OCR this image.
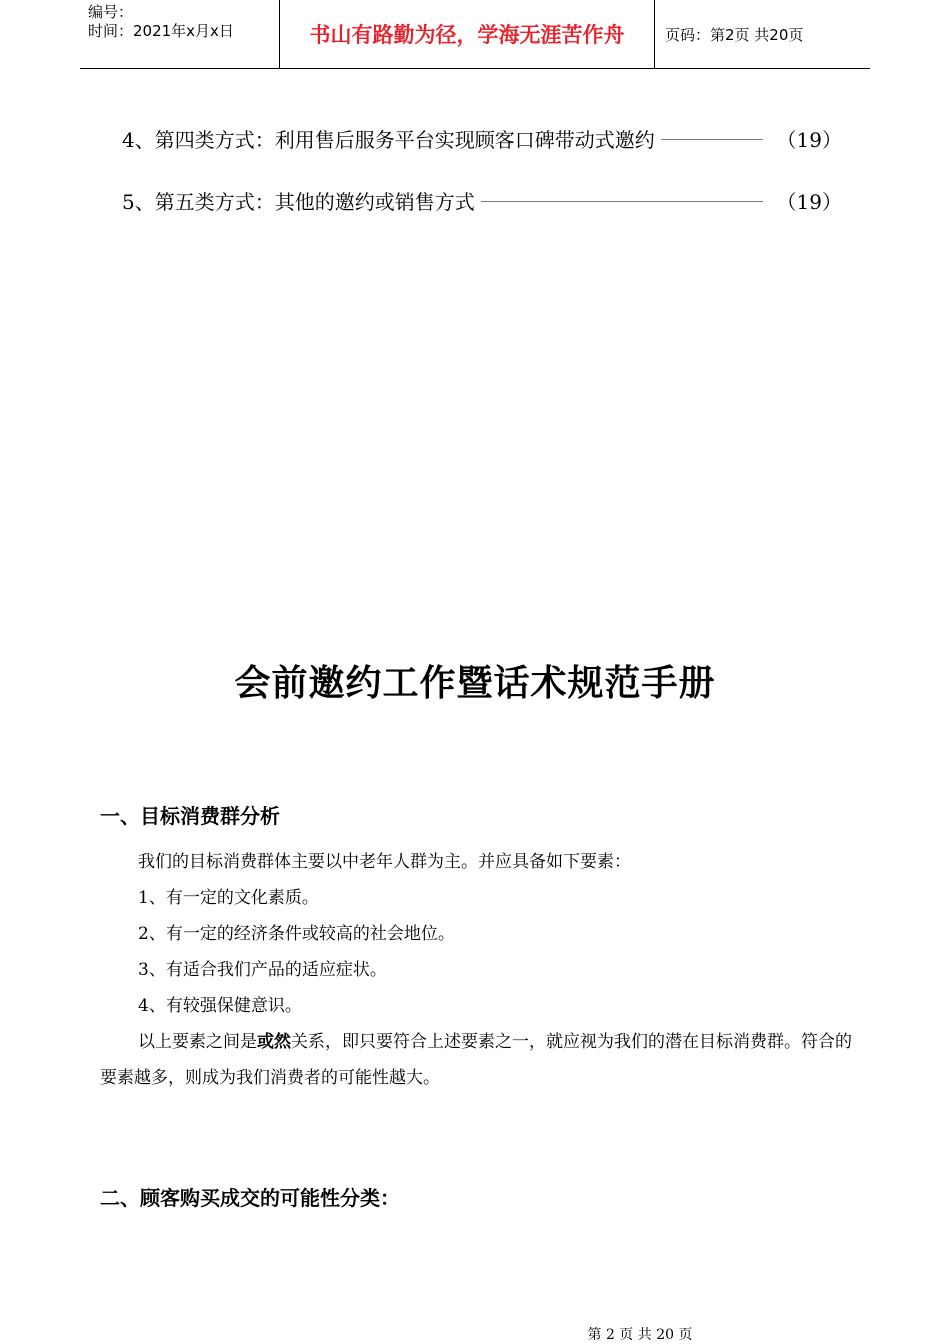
编号：
时间：2021年x月x日	书山有路勤为径，学海无涯苦作舟	页码：第2页 共20页
4、第四类方式：利用售后服务平台实现顾客口碑带动式邀约	（19）
5、第五类方式：其他的邀约或销售方式	（19）
会前邀约工作暨话术规范手册
一、目标消费群分析

我们的目标消费群体主要以中老年人群为主。并应具备如下要素：

1、有一定的文化素质。

2、有一定的经济条件或较高的社会地位。

3、有适合我们产品的适应症状。

4、有较强保健意识。

以上要素之间是或然关系，即只要符合上述要素之一，就应视为我们的潜在目标消费群。符合的要素越多，则成为我们消费者的可能性越大。

二、顾客购买成交的可能性分类：
第 2 页 共 20 页
